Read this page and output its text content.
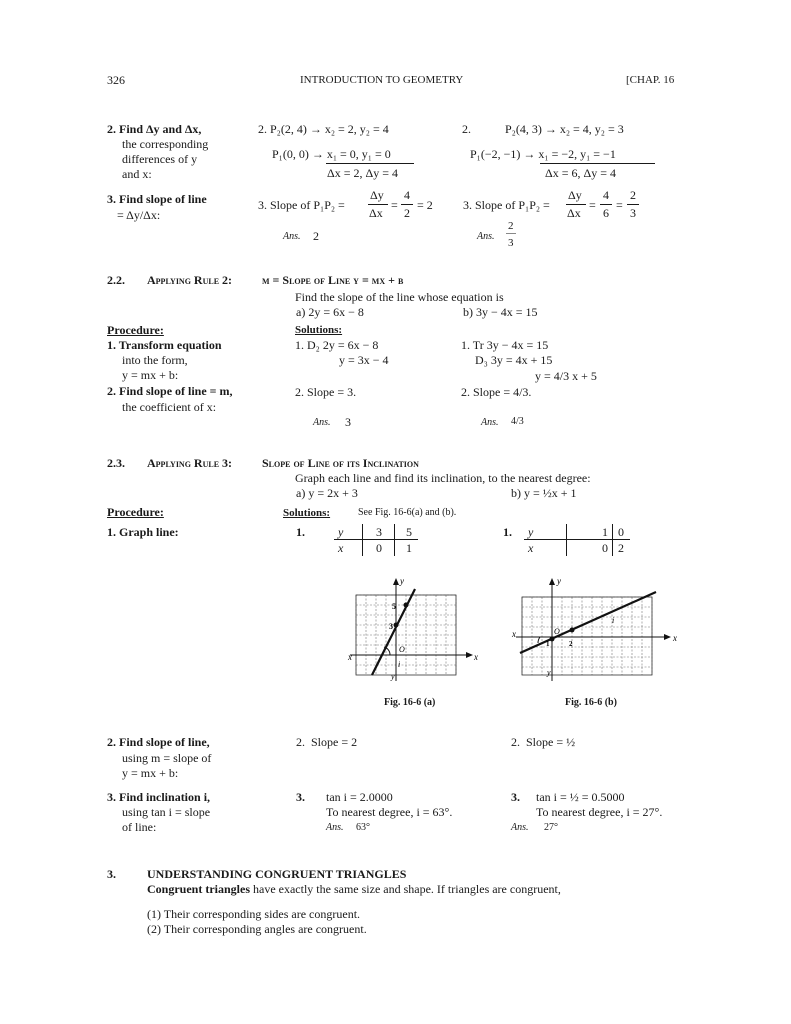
326	INTRODUCTION TO GEOMETRY	[CHAP. 16
2. Find Δy and Δx,
the corresponding
differences of y
and x:
2. P₂(2, 4) → x₂ = 2, y₂ = 4
P₁(0, 0) → x₁ = 0, y₁ = 0
Δx = 2, Δy = 4
2.	P₂(4, 3) → x₂ = 4, y₂ = 3
P₁(−2, −1) → x₁ = −2, y₁ = −1
Δx = 6, Δy = 4
3. Find slope of line
= Δy/Δx:
3. Slope of P₁P₂ =
Δy
Δx
=
4
2
= 2
Ans. 2
3. Slope of P₁P₂ =
Δy
Δx
=
4
6
=
2
3
Ans.
2
3
2.2. Applying Rule 2: m = Slope of Line y = mx + b
Find the slope of the line whose equation is
a) 2y = 6x − 8	b) 3y − 4x = 15
Procedure:	Solutions:
1. Transform equation
into the form,
y = mx + b:
1. D₂ 2y = 6x − 8
y = 3x − 4
1. Tr 3y − 4x = 15
D₃ 3y = 4x + 15
y = 4/3 x + 5
2. Find slope of line = m,
the coefficient of x:
2. Slope = 3.	2. Slope = 4/3.
Ans. 3	Ans. 4/3
2.3. Applying Rule 3: Slope of Line of its Inclination
Graph each line and find its inclination, to the nearest degree:
a) y = 2x + 3	b) y = ½x + 1
Procedure:	Solutions:	See Fig. 16-6(a) and (b).
1. Graph line:	1.	y	3 5
x	0 1
1. y	1 0
x	0 2
x	x
y
y
5
3
O
i
Fig. 16-6 (a)
x	x
y
y
O
2
1
i
Fig. 16-6 (b)
2. Find slope of line,
using m = slope of
y = mx + b:
2.  Slope = 2	2.  Slope = ½
3. Find inclination i,
using tan i = slope
of line:
3. tan i = 2.0000
To nearest degree, i = 63°.
Ans. 63°
3. tan i = ½ = 0.5000
To nearest degree, i = 27°.
Ans. 27°
3.	UNDERSTANDING CONGRUENT TRIANGLES
Congruent triangles have exactly the same size and shape. If triangles are congruent,
(1) Their corresponding sides are congruent.
(2) Their corresponding angles are congruent.
